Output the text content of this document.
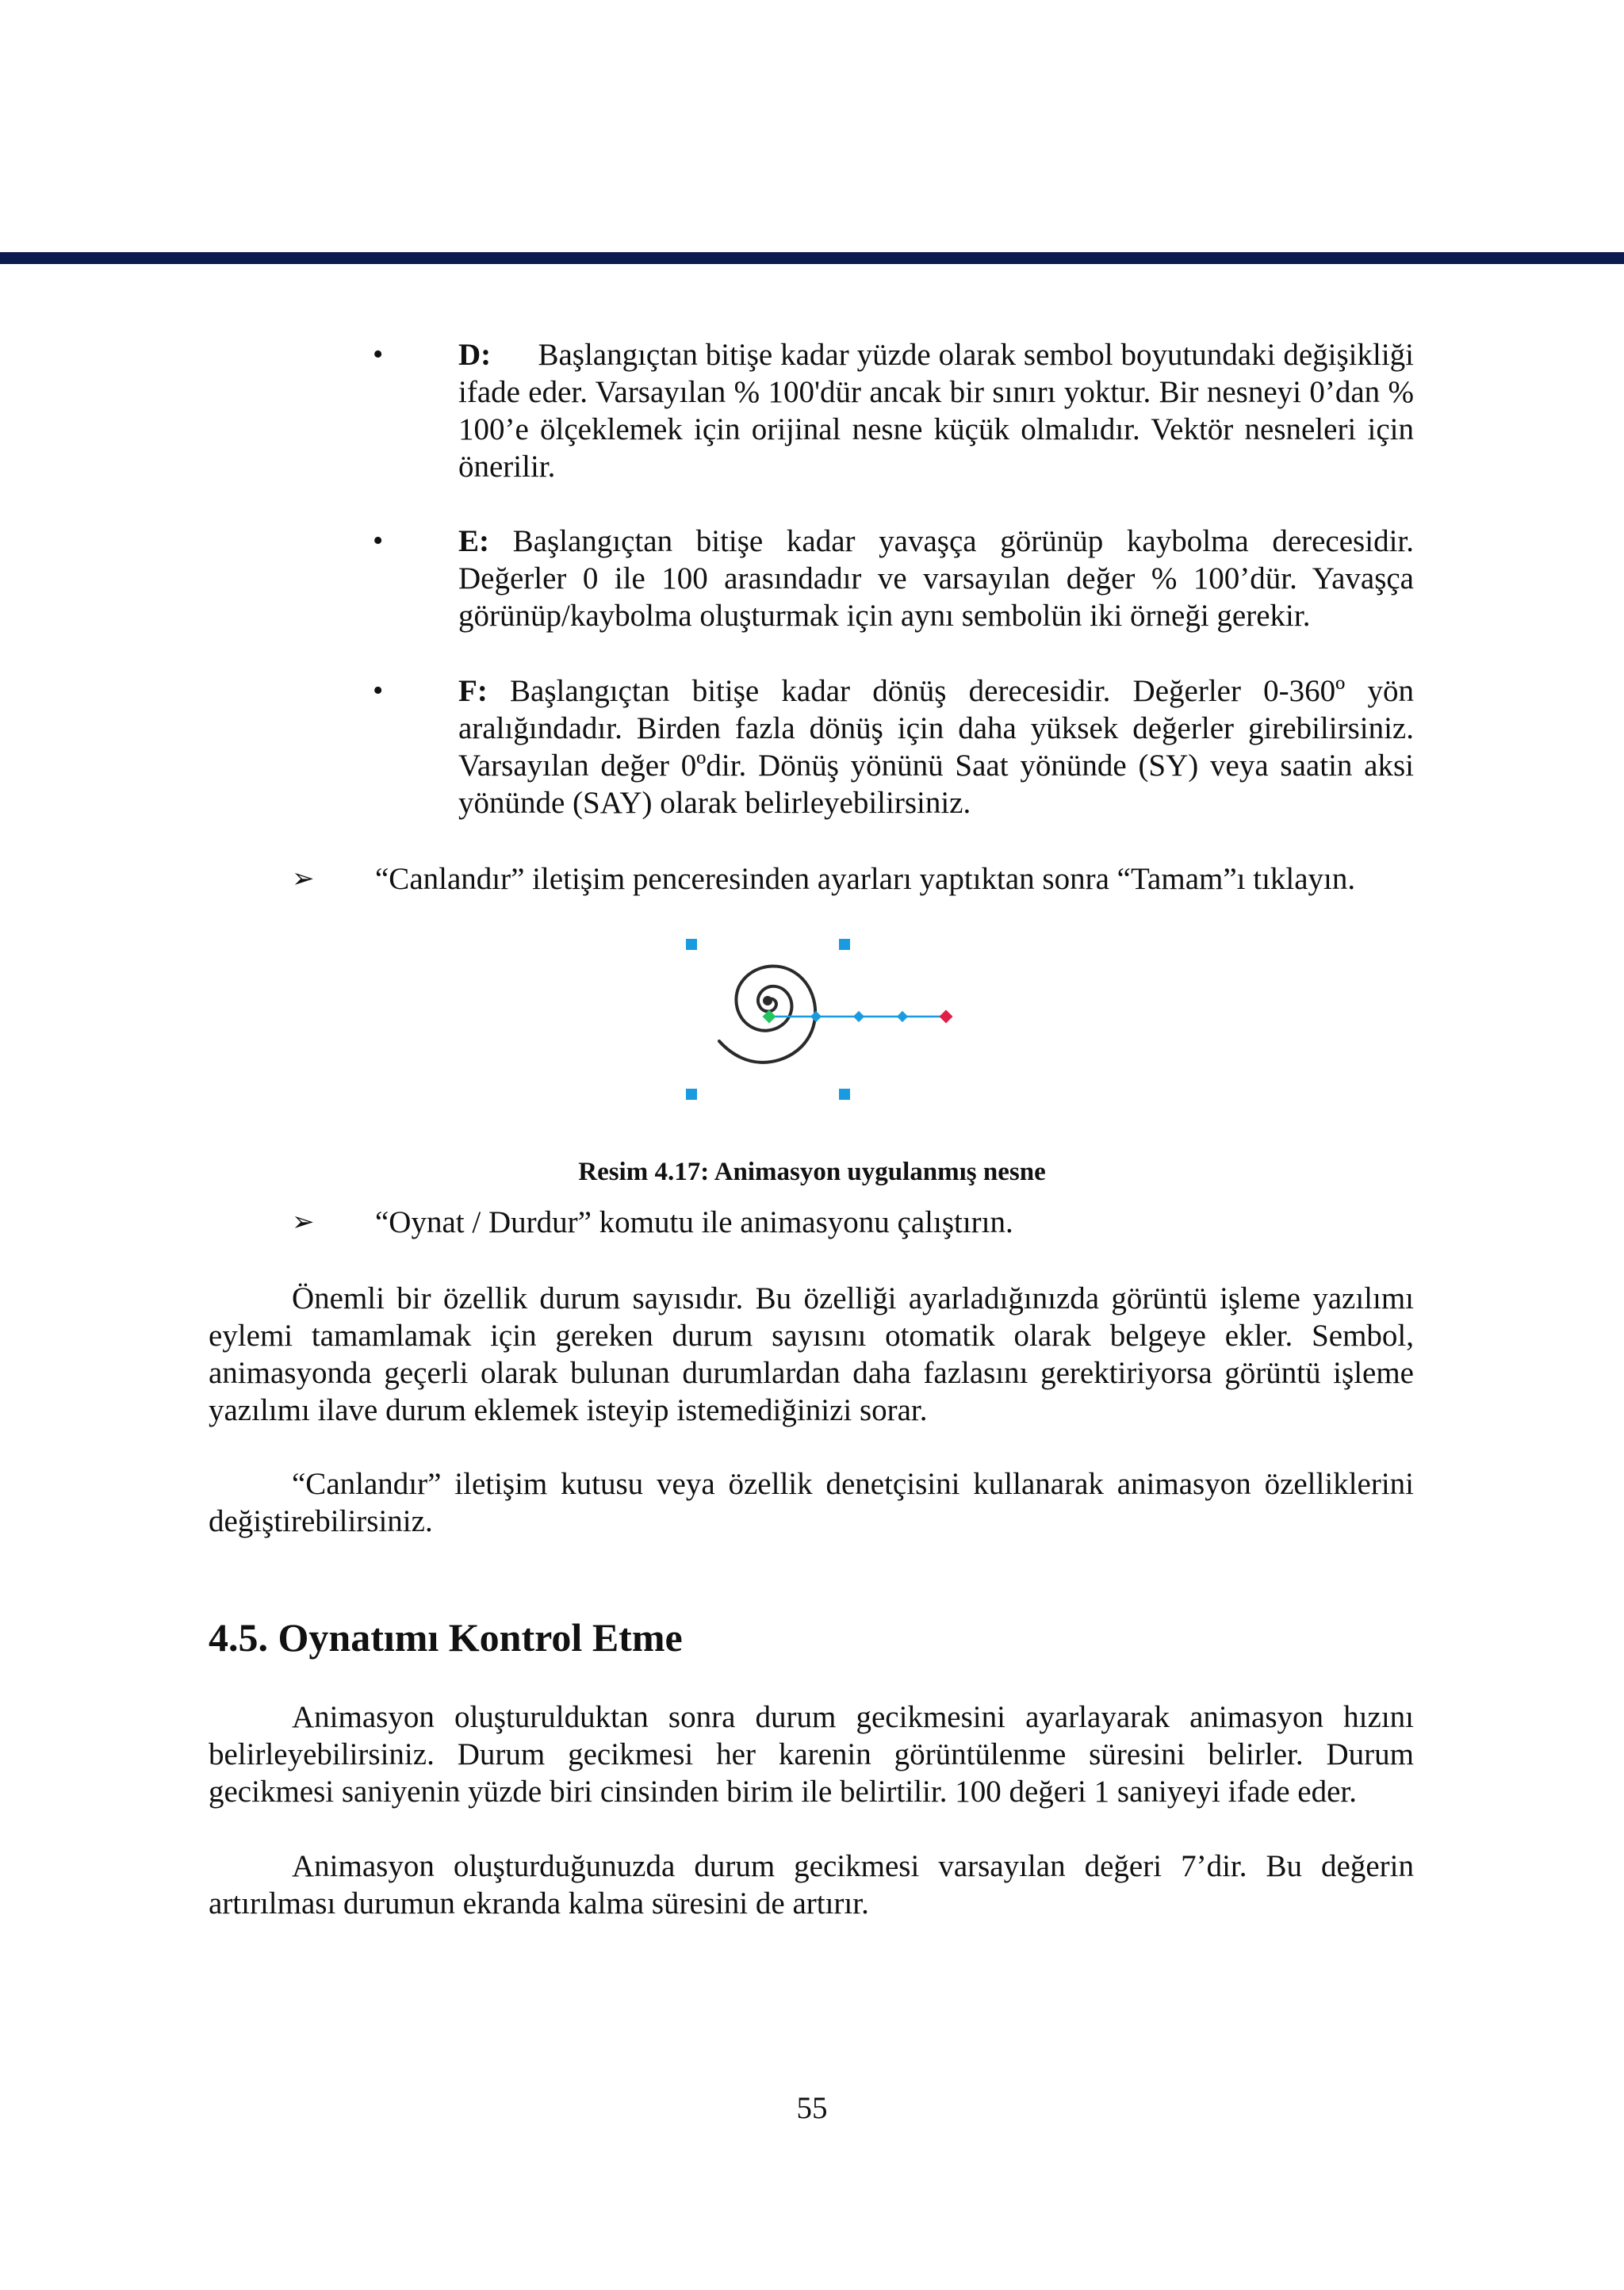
• D: Başlangıçtan bitişe kadar yüzde olarak sembol boyutundaki değişikliği ifade eder. Varsayılan % 100'dür ancak bir sınırı yoktur. Bir nesneyi 0’dan % 100’e ölçeklemek için orijinal nesne küçük olmalıdır. Vektör nesneleri için önerilir.

• E: Başlangıçtan bitişe kadar yavaşça görünüp kaybolma derecesidir. Değerler 0 ile 100 arasındadır ve varsayılan değer % 100’dür. Yavaşça görünüp/kaybolma oluşturmak için aynı sembolün iki örneği gerekir.

• F: Başlangıçtan bitişe kadar dönüş derecesidir. Değerler 0-360º yön aralığındadır. Birden fazla dönüş için daha yüksek değerler girebilirsiniz. Varsayılan değer 0ºdir. Dönüş yönünü Saat yönünde (SY) veya saatin aksi yönünde (SAY) olarak belirleyebilirsiniz.

➢ “Canlandır” iletişim penceresinden ayarları yaptıktan sonra “Tamam”ı tıklayın.

Resim 4.17: Animasyon uygulanmış nesne

➢ “Oynat / Durdur” komutu ile animasyonu çalıştırın.

Önemli bir özellik durum sayısıdır. Bu özelliği ayarladığınızda görüntü işleme yazılımı eylemi tamamlamak için gereken durum sayısını otomatik olarak belgeye ekler. Sembol, animasyonda geçerli olarak bulunan durumlardan daha fazlasını gerektiriyorsa görüntü işleme yazılımı ilave durum eklemek isteyip istemediğinizi sorar.

“Canlandır” iletişim kutusu veya özellik denetçisini kullanarak animasyon özelliklerini değiştirebilirsiniz.

4.5. Oynatımı Kontrol Etme

Animasyon oluşturulduktan sonra durum gecikmesini ayarlayarak animasyon hızını belirleyebilirsiniz. Durum gecikmesi her karenin görüntülenme süresini belirler. Durum gecikmesi saniyenin yüzde biri cinsinden birim ile belirtilir. 100 değeri 1 saniyeyi ifade eder.

Animasyon oluşturduğunuzda durum gecikmesi varsayılan değeri 7’dir. Bu değerin artırılması durumun ekranda kalma süresini de artırır.

55
